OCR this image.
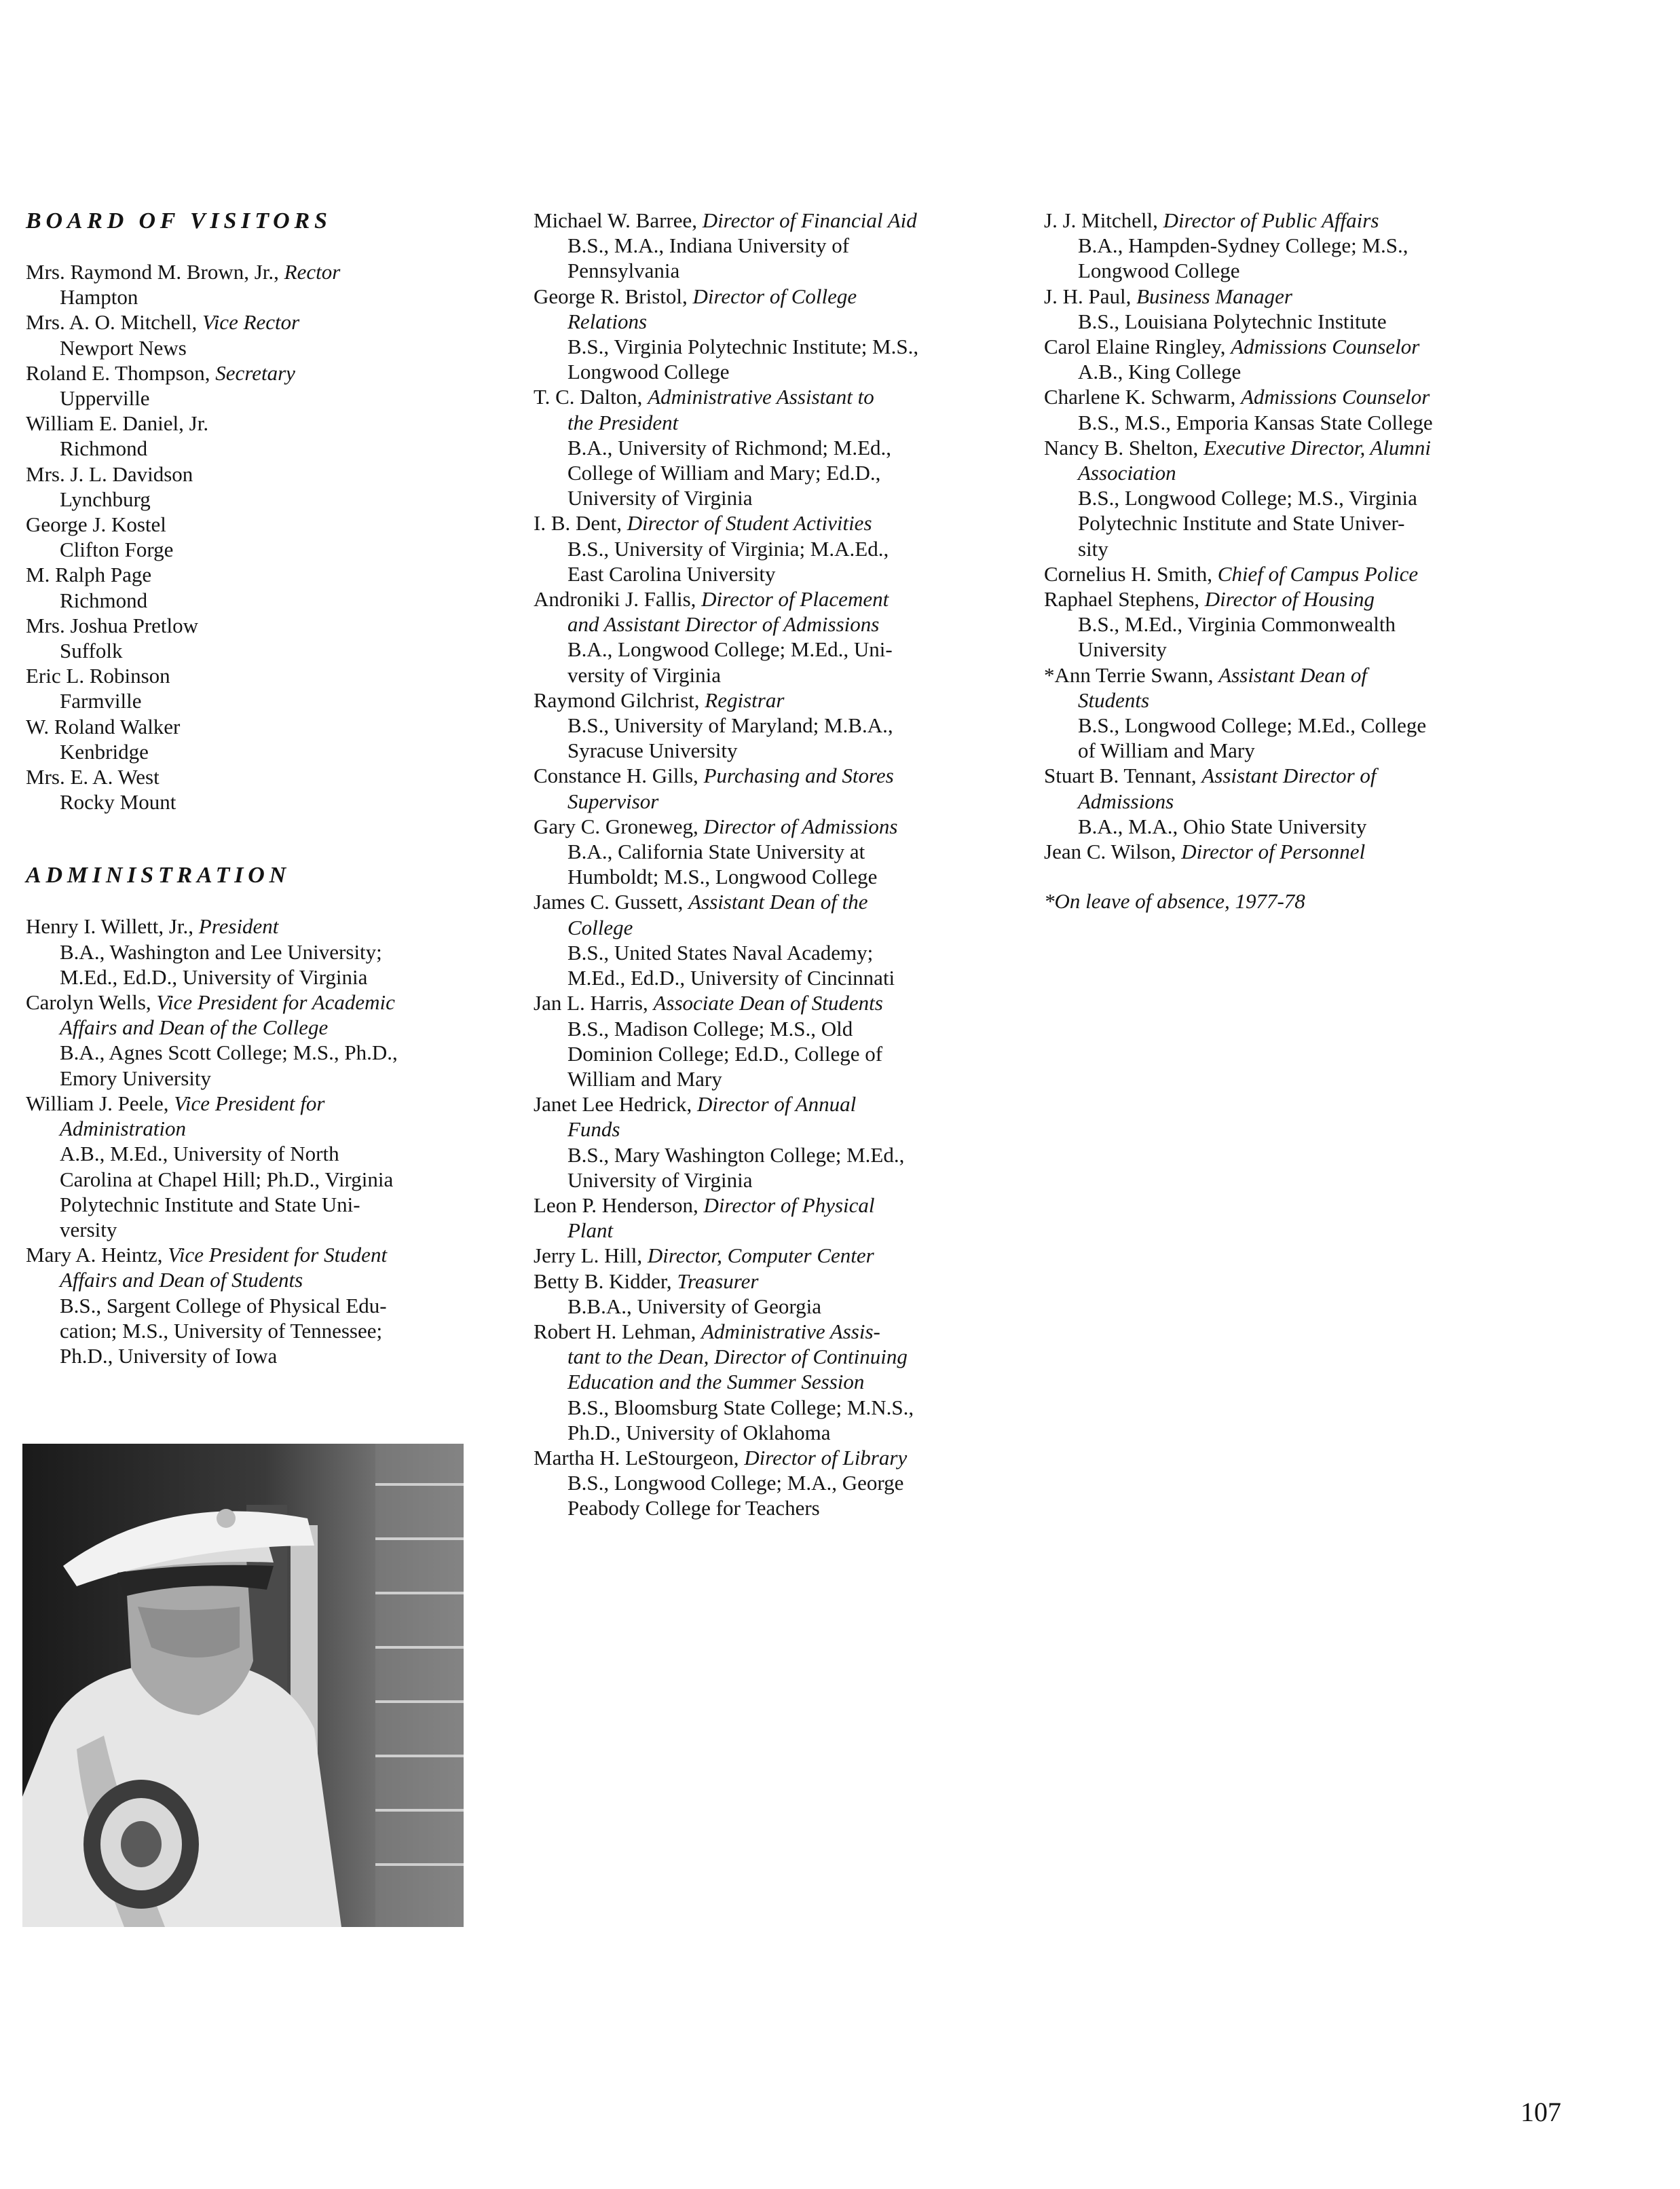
BOARD OF VISITORS
Mrs. Raymond M. Brown, Jr., Rector
Hampton
Mrs. A. O. Mitchell, Vice Rector
Newport News
Roland E. Thompson, Secretary
Upperville
William E. Daniel, Jr.
Richmond
Mrs. J. L. Davidson
Lynchburg
George J. Kostel
Clifton Forge
M. Ralph Page
Richmond
Mrs. Joshua Pretlow
Suffolk
Eric L. Robinson
Farmville
W. Roland Walker
Kenbridge
Mrs. E. A. West
Rocky Mount
ADMINISTRATION
Henry I. Willett, Jr., President
B.A., Washington and Lee University;
M.Ed., Ed.D., University of Virginia
Carolyn Wells, Vice President for Academic
Affairs and Dean of the College
B.A., Agnes Scott College; M.S., Ph.D.,
Emory University
William J. Peele, Vice President for
Administration
A.B., M.Ed., University of North
Carolina at Chapel Hill; Ph.D., Virginia
Polytechnic Institute and State Uni-
versity
Mary A. Heintz, Vice President for Student
Affairs and Dean of Students
B.S., Sargent College of Physical Edu-
cation; M.S., University of Tennessee;
Ph.D., University of Iowa
Michael W. Barree, Director of Financial Aid
B.S., M.A., Indiana University of
Pennsylvania
George R. Bristol, Director of College
Relations
B.S., Virginia Polytechnic Institute; M.S.,
Longwood College
T. C. Dalton, Administrative Assistant to
the President
B.A., University of Richmond; M.Ed.,
College of William and Mary; Ed.D.,
University of Virginia
I. B. Dent, Director of Student Activities
B.S., University of Virginia; M.A.Ed.,
East Carolina University
Androniki J. Fallis, Director of Placement
and Assistant Director of Admissions
B.A., Longwood College; M.Ed., Uni-
versity of Virginia
Raymond Gilchrist, Registrar
B.S., University of Maryland; M.B.A.,
Syracuse University
Constance H. Gills, Purchasing and Stores
Supervisor
Gary C. Groneweg, Director of Admissions
B.A., California State University at
Humboldt; M.S., Longwood College
James C. Gussett, Assistant Dean of the
College
B.S., United States Naval Academy;
M.Ed., Ed.D., University of Cincinnati
Jan L. Harris, Associate Dean of Students
B.S., Madison College; M.S., Old
Dominion College; Ed.D., College of
William and Mary
Janet Lee Hedrick, Director of Annual
Funds
B.S., Mary Washington College; M.Ed.,
University of Virginia
Leon P. Henderson, Director of Physical
Plant
Jerry L. Hill, Director, Computer Center
Betty B. Kidder, Treasurer
B.B.A., University of Georgia
Robert H. Lehman, Administrative Assis-
tant to the Dean, Director of Continuing
Education and the Summer Session
B.S., Bloomsburg State College; M.N.S.,
Ph.D., University of Oklahoma
Martha H. LeStourgeon, Director of Library
B.S., Longwood College; M.A., George
Peabody College for Teachers
J. J. Mitchell, Director of Public Affairs
B.A., Hampden-Sydney College; M.S.,
Longwood College
J. H. Paul, Business Manager
B.S., Louisiana Polytechnic Institute
Carol Elaine Ringley, Admissions Counselor
A.B., King College
Charlene K. Schwarm, Admissions Counselor
B.S., M.S., Emporia Kansas State College
Nancy B. Shelton, Executive Director, Alumni
Association
B.S., Longwood College; M.S., Virginia
Polytechnic Institute and State Univer-
sity
Cornelius H. Smith, Chief of Campus Police
Raphael Stephens, Director of Housing
B.S., M.Ed., Virginia Commonwealth
University
*Ann Terrie Swann, Assistant Dean of
Students
B.S., Longwood College; M.Ed., College
of William and Mary
Stuart B. Tennant, Assistant Director of
Admissions
B.A., M.A., Ohio State University
Jean C. Wilson, Director of Personnel
*On leave of absence, 1977-78
107
